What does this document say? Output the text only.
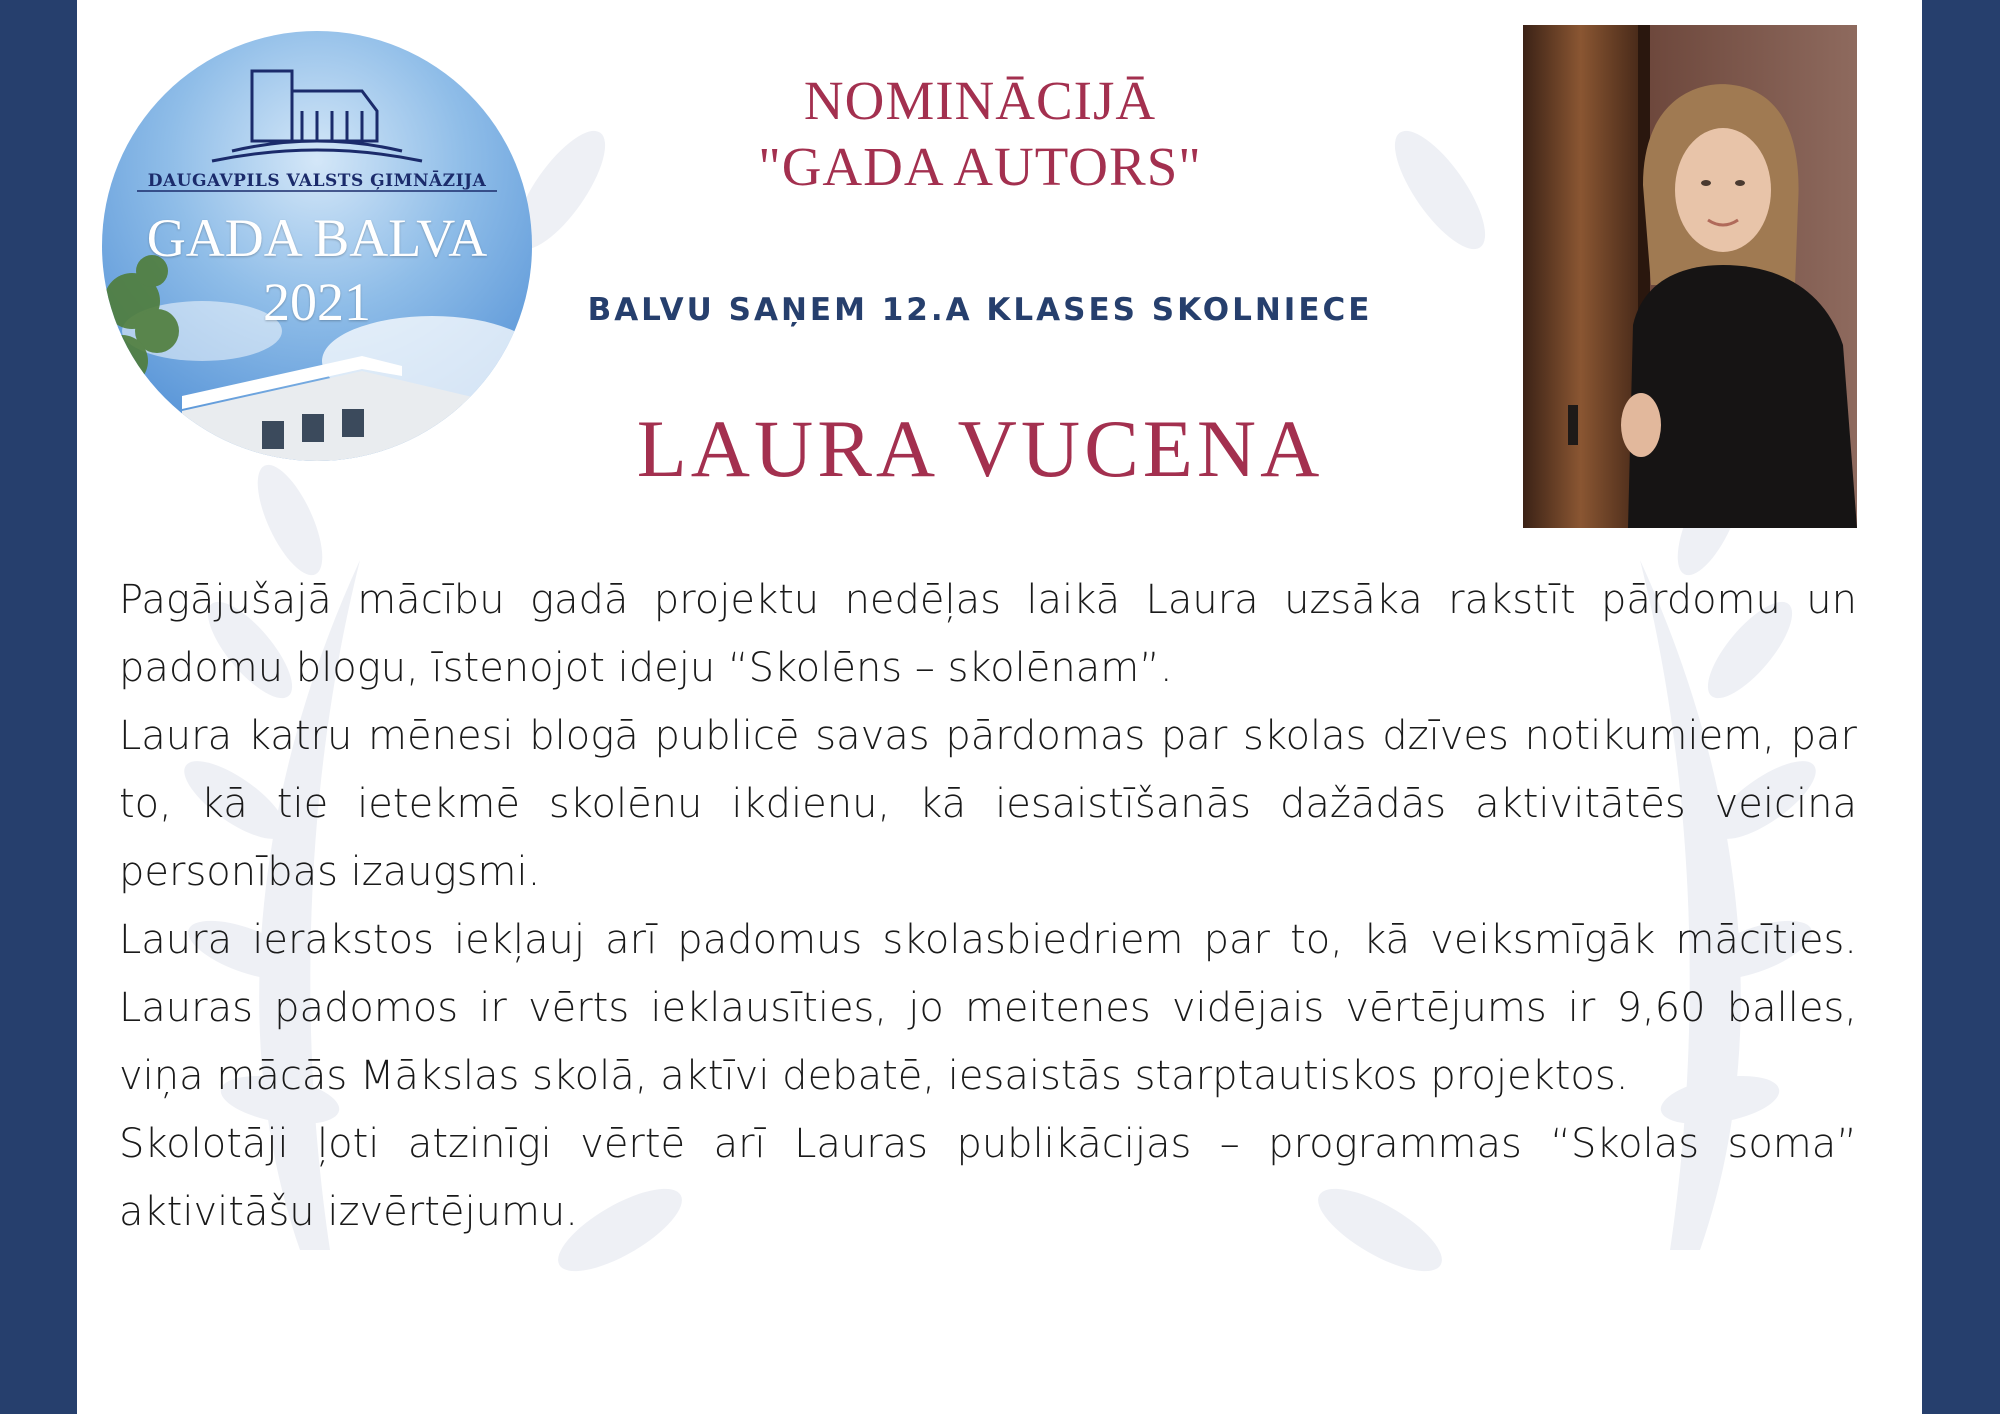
DAUGAVPILS VALSTS ĢIMNĀZIJA
GADA BALVA
2021
NOMINĀCIJĀ
"GADA AUTORS"
BALVU SAŅEM 12.A KLASES SKOLNIECE
LAURA VUCENA

Pagājušajā mācību gadā projektu nedēļas laikā Laura uzsāka rakstīt pārdomu un padomu blogu, īstenojot ideju “Skolēns – skolēnam”.

Laura katru mēnesi blogā publicē savas pārdomas par skolas dzīves notikumiem, par to, kā tie ietekmē skolēnu ikdienu, kā iesaistīšanās dažādās aktivitātēs veicina personības izaugsmi.

Laura ierakstos iekļauj arī padomus skolasbiedriem par to, kā veiksmīgāk mācīties. Lauras padomos ir vērts ieklausīties, jo meitenes vidējais vērtējums ir 9,60 balles, viņa mācās Mākslas skolā, aktīvi debatē, iesaistās starptautiskos projektos.

Skolotāji ļoti atzinīgi vērtē arī Lauras publikācijas – programmas “Skolas soma” aktivitāšu izvērtējumu.
